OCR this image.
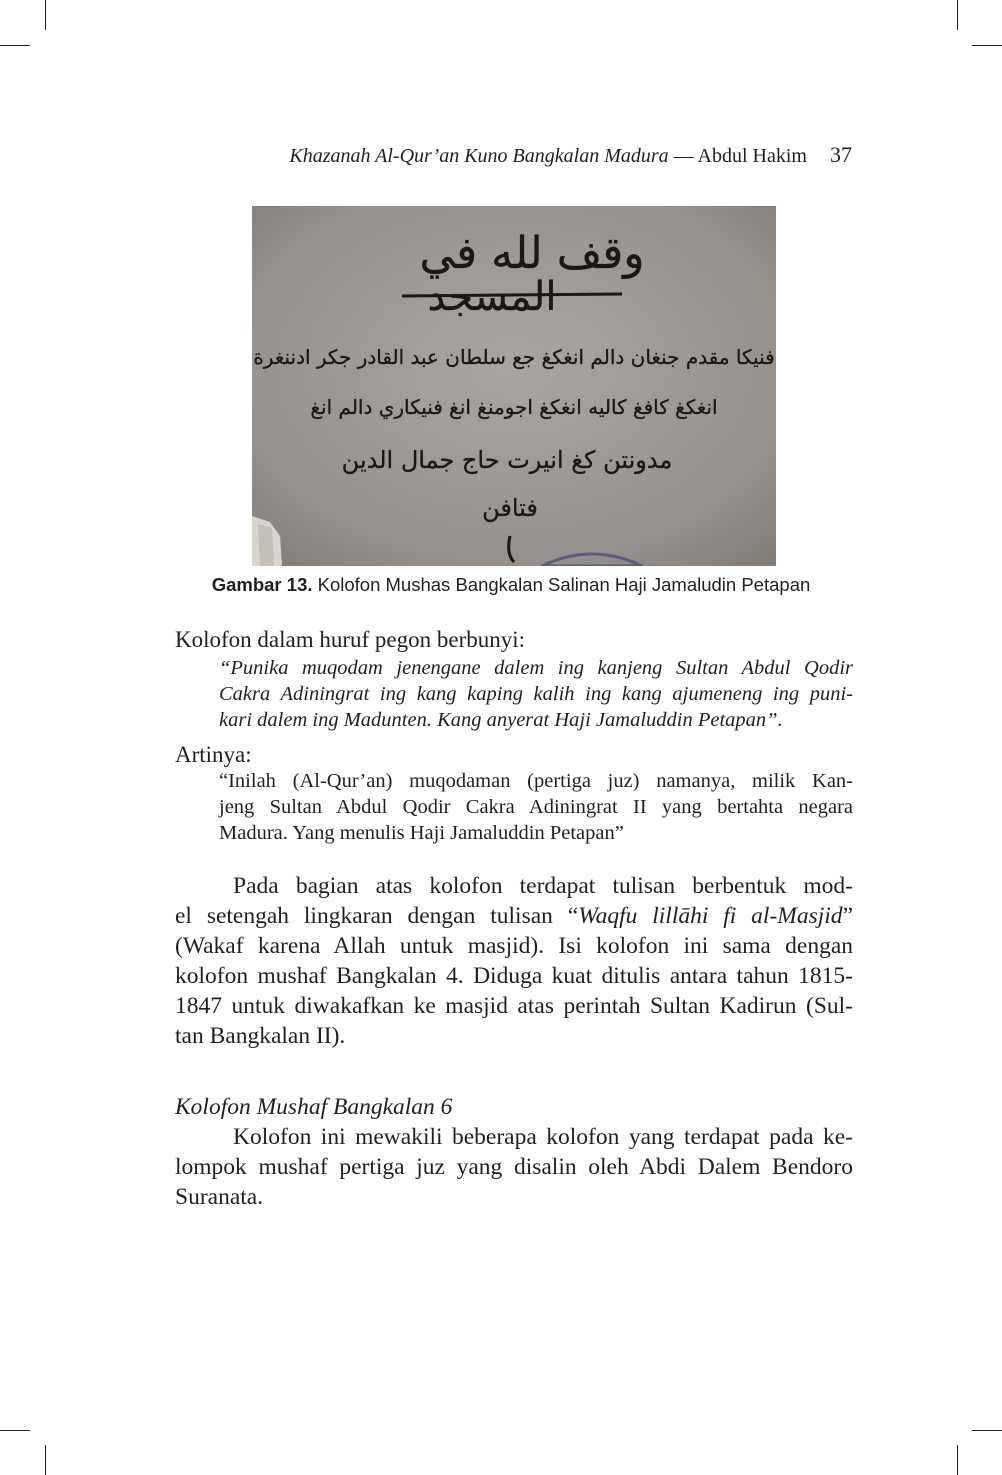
Khazanah Al-Qur’an Kuno Bangkalan Madura — Abdul Hakim 37
وقف لله في
المسجد
فنيكا مقدم جنغان دالم انغكغ جع سلطان عبد القادر جكر ادننغرة
انغكغ كافغ كاليه انغكغ اجومنغ انغ فنيكاري دالم انغ
مدونتن كغ انيرت حاج جمال الدين
فتافن
Gambar 13. Kolofon Mushas Bangkalan Salinan Haji Jamaludin Petapan
Kolofon dalam huruf pegon berbunyi:
“Punika muqodam jenengane dalem ing kanjeng Sultan Abdul Qodir
Cakra Adiningrat ing kang kaping kalih ing kang ajumeneng ing puni-
kari dalem ing Madunten. Kang anyerat Haji Jamaluddin Petapan”.
Artinya:
“Inilah (Al-Qur’an) muqodaman (pertiga juz) namanya, milik Kan-
jeng Sultan Abdul Qodir Cakra Adiningrat II yang bertahta negara
Madura. Yang menulis Haji Jamaluddin Petapan”
Pada bagian atas kolofon terdapat tulisan berbentuk mod-
el setengah lingkaran dengan tulisan “Waqfu lillāhi fi al-Masjid”
(Wakaf karena Allah untuk masjid). Isi kolofon ini sama dengan
kolofon mushaf Bangkalan 4. Diduga kuat ditulis antara tahun 1815-
1847 untuk diwakafkan ke masjid atas perintah Sultan Kadirun (Sul-
tan Bangkalan II).
Kolofon Mushaf Bangkalan 6
Kolofon ini mewakili beberapa kolofon yang terdapat pada ke-
lompok mushaf pertiga juz yang disalin oleh Abdi Dalem Bendoro
Suranata.
